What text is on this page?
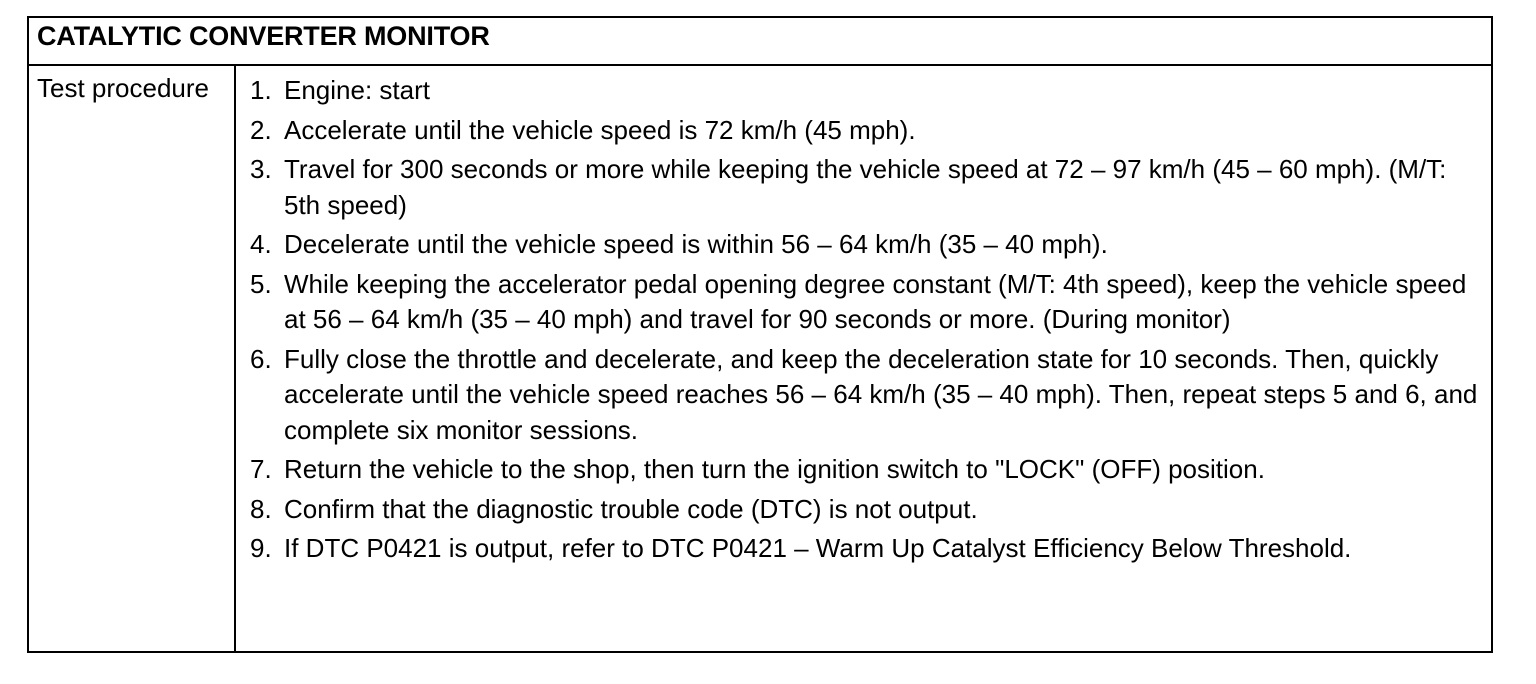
CATALYTIC CONVERTER MONITOR
Test procedure	1. Engine: start
2. Accelerate until the vehicle speed is 72 km/h (45 mph).
3. Travel for 300 seconds or more while keeping the vehicle speed at 72 – 97 km/h (45 – 60 mph). (M/T: 5th speed)
4. Decelerate until the vehicle speed is within 56 – 64 km/h (35 – 40 mph).
5. While keeping the accelerator pedal opening degree constant (M/T: 4th speed), keep the vehicle speed at 56 – 64 km/h (35 – 40 mph) and travel for 90 seconds or more. (During monitor)
6. Fully close the throttle and decelerate, and keep the deceleration state for 10 seconds. Then, quickly accelerate until the vehicle speed reaches 56 – 64 km/h (35 – 40 mph). Then, repeat steps 5 and 6, and complete six monitor sessions.
7. Return the vehicle to the shop, then turn the ignition switch to "LOCK" (OFF) position.
8. Confirm that the diagnostic trouble code (DTC) is not output.
9. If DTC P0421 is output, refer to DTC P0421 – Warm Up Catalyst Efficiency Below Threshold.
